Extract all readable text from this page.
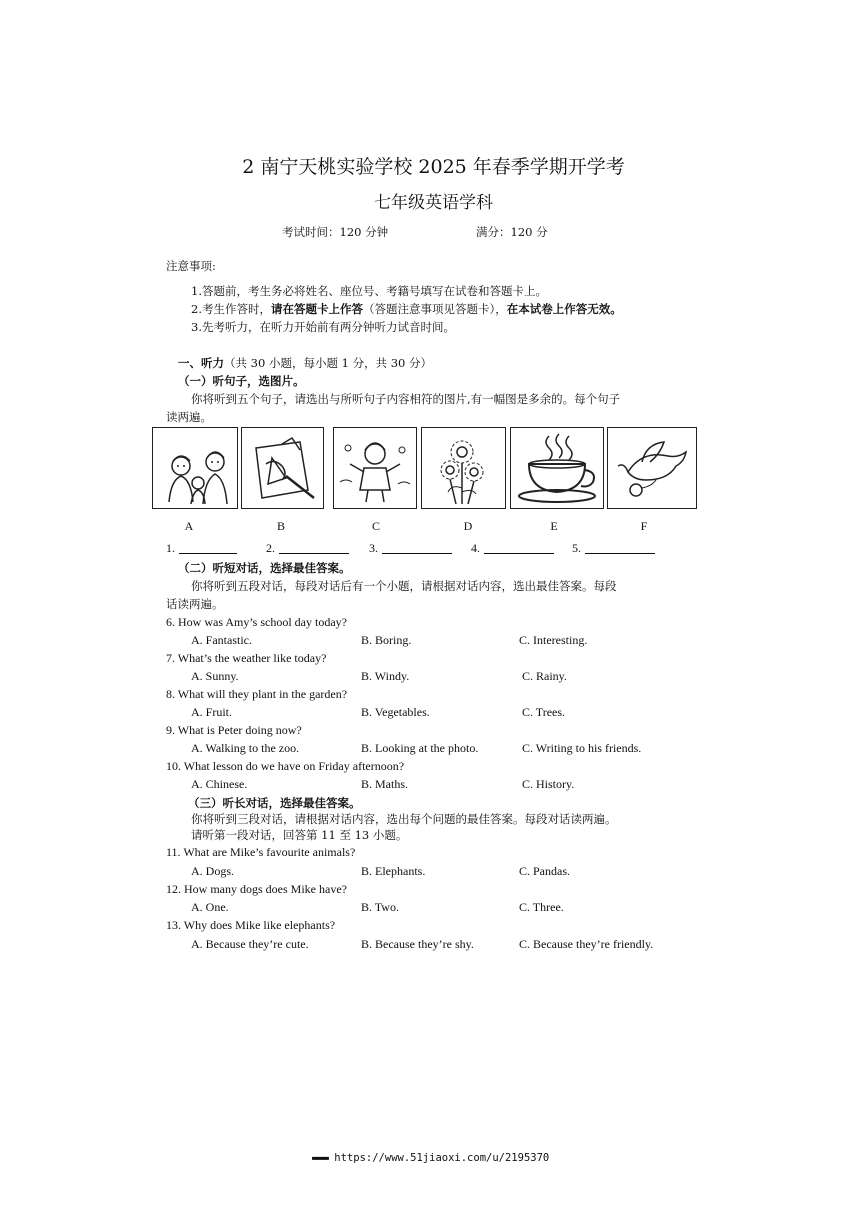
2 南宁天桃实验学校 2025 年春季学期开学考
七年级英语学科
考试时间：120 分钟	满分：120 分
注意事项:
1.答题前，考生务必将姓名、座位号、考籍号填写在试卷和答题卡上。
2.考生作答时，请在答题卡上作答（答题注意事项见答题卡），在本试卷上作答无效。
3.先考听力，在听力开始前有两分钟听力试音时间。
一、听力（共 30 小题，每小题 1 分，共 30 分）
（一）听句子，选图片。
你将听到五个句子，请选出与所听句子内容相符的图片,有一幅图是多余的。每个句子
读两遍。
A	B	C	D	E	F
1.	2.	3.	4.	5.
（二）听短对话，选择最佳答案。
你将听到五段对话，每段对话后有一个小题，请根据对话内容，选出最佳答案。每段
话读两遍。
6. How was Amy’s school day today?
A. Fantastic.	B. Boring.	C. Interesting.
7. What’s the weather like today?
A. Sunny.	B. Windy.	C. Rainy.
8. What will they plant in the garden?
A. Fruit.	B. Vegetables.	C. Trees.
9. What is Peter doing now?
A. Walking to the zoo.	B. Looking at the photo.	C. Writing to his friends.
10. What lesson do we have on Friday afternoon?
A. Chinese.	B. Maths.	C. History.
（三）听长对话，选择最佳答案。
你将听到三段对话，请根据对话内容，选出每个问题的最佳答案。每段对话读两遍。
请听第一段对话，回答第 11 至 13 小题。
11. What are Mike’s favourite animals?
A. Dogs.	B. Elephants.	C. Pandas.
12. How many dogs does Mike have?
A. One.	B. Two.	C. Three.
13. Why does Mike like elephants?
A. Because they’re cute.	B. Because they’re shy.	C. Because they’re friendly.
▬▬▬ https://www.51jiaoxi.com/u/2195370
